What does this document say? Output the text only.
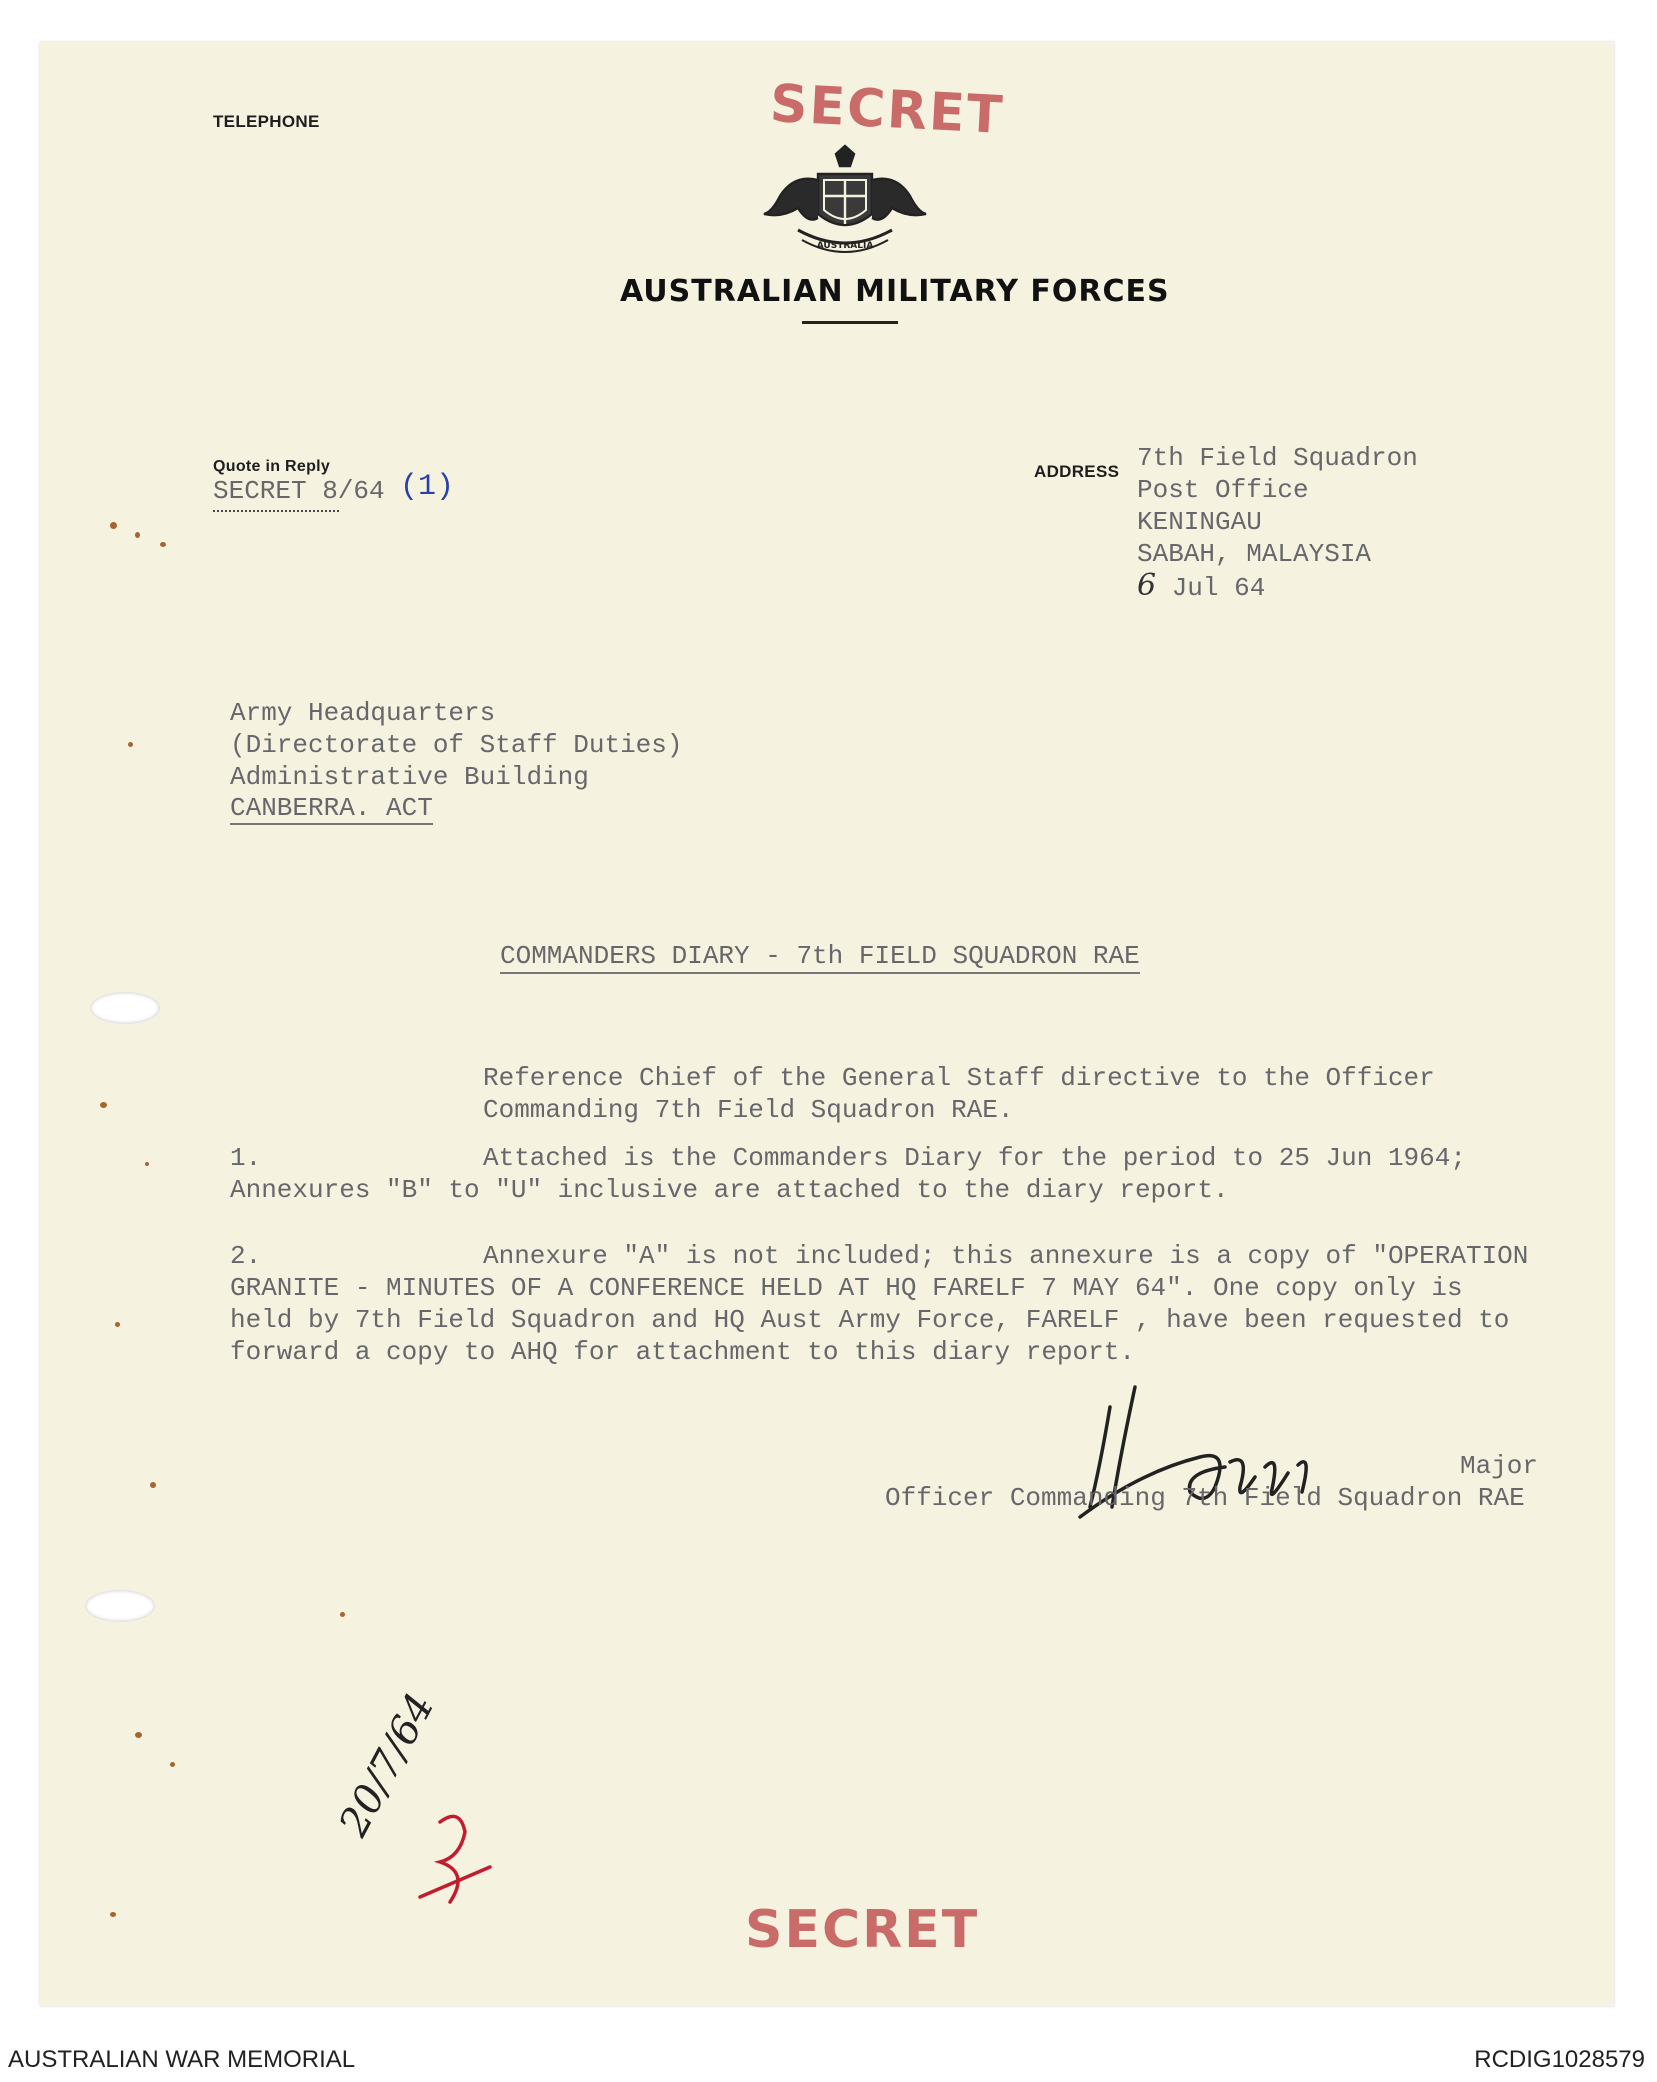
TELEPHONE	SECRET
AUSTRALIA
AUSTRALIAN MILITARY FORCES
Quote in Reply
SECRET 8/64 (1)	ADDRESS 7th Field Squadron
Post Office
KENINGAU
SABAH, MALAYSIA
6 Jul 64
Army Headquarters
(Directorate of Staff Duties)
Administrative Building
CANBERRA. ACT
COMMANDERS DIARY - 7th FIELD SQUADRON RAE
Reference Chief of the General Staff directive to the Officer
Commanding 7th Field Squadron RAE.
1.	Attached is the Commanders Diary for the period to 25 Jun 1964;
Annexures "B" to "U" inclusive are attached to the diary report.
2.	Annexure "A" is not included; this annexure is a copy of "OPERATION
GRANITE - MINUTES OF A CONFERENCE HELD AT HQ FARELF 7 MAY 64". One copy only is
held by 7th Field Squadron and HQ Aust Army Force, FARELF , have been requested to
forward a copy to AHQ for attachment to this diary report.
Major
Officer Commanding 7th Field Squadron RAE
20/7/64
SECRET
AUSTRALIAN WAR MEMORIAL	RCDIG1028579
